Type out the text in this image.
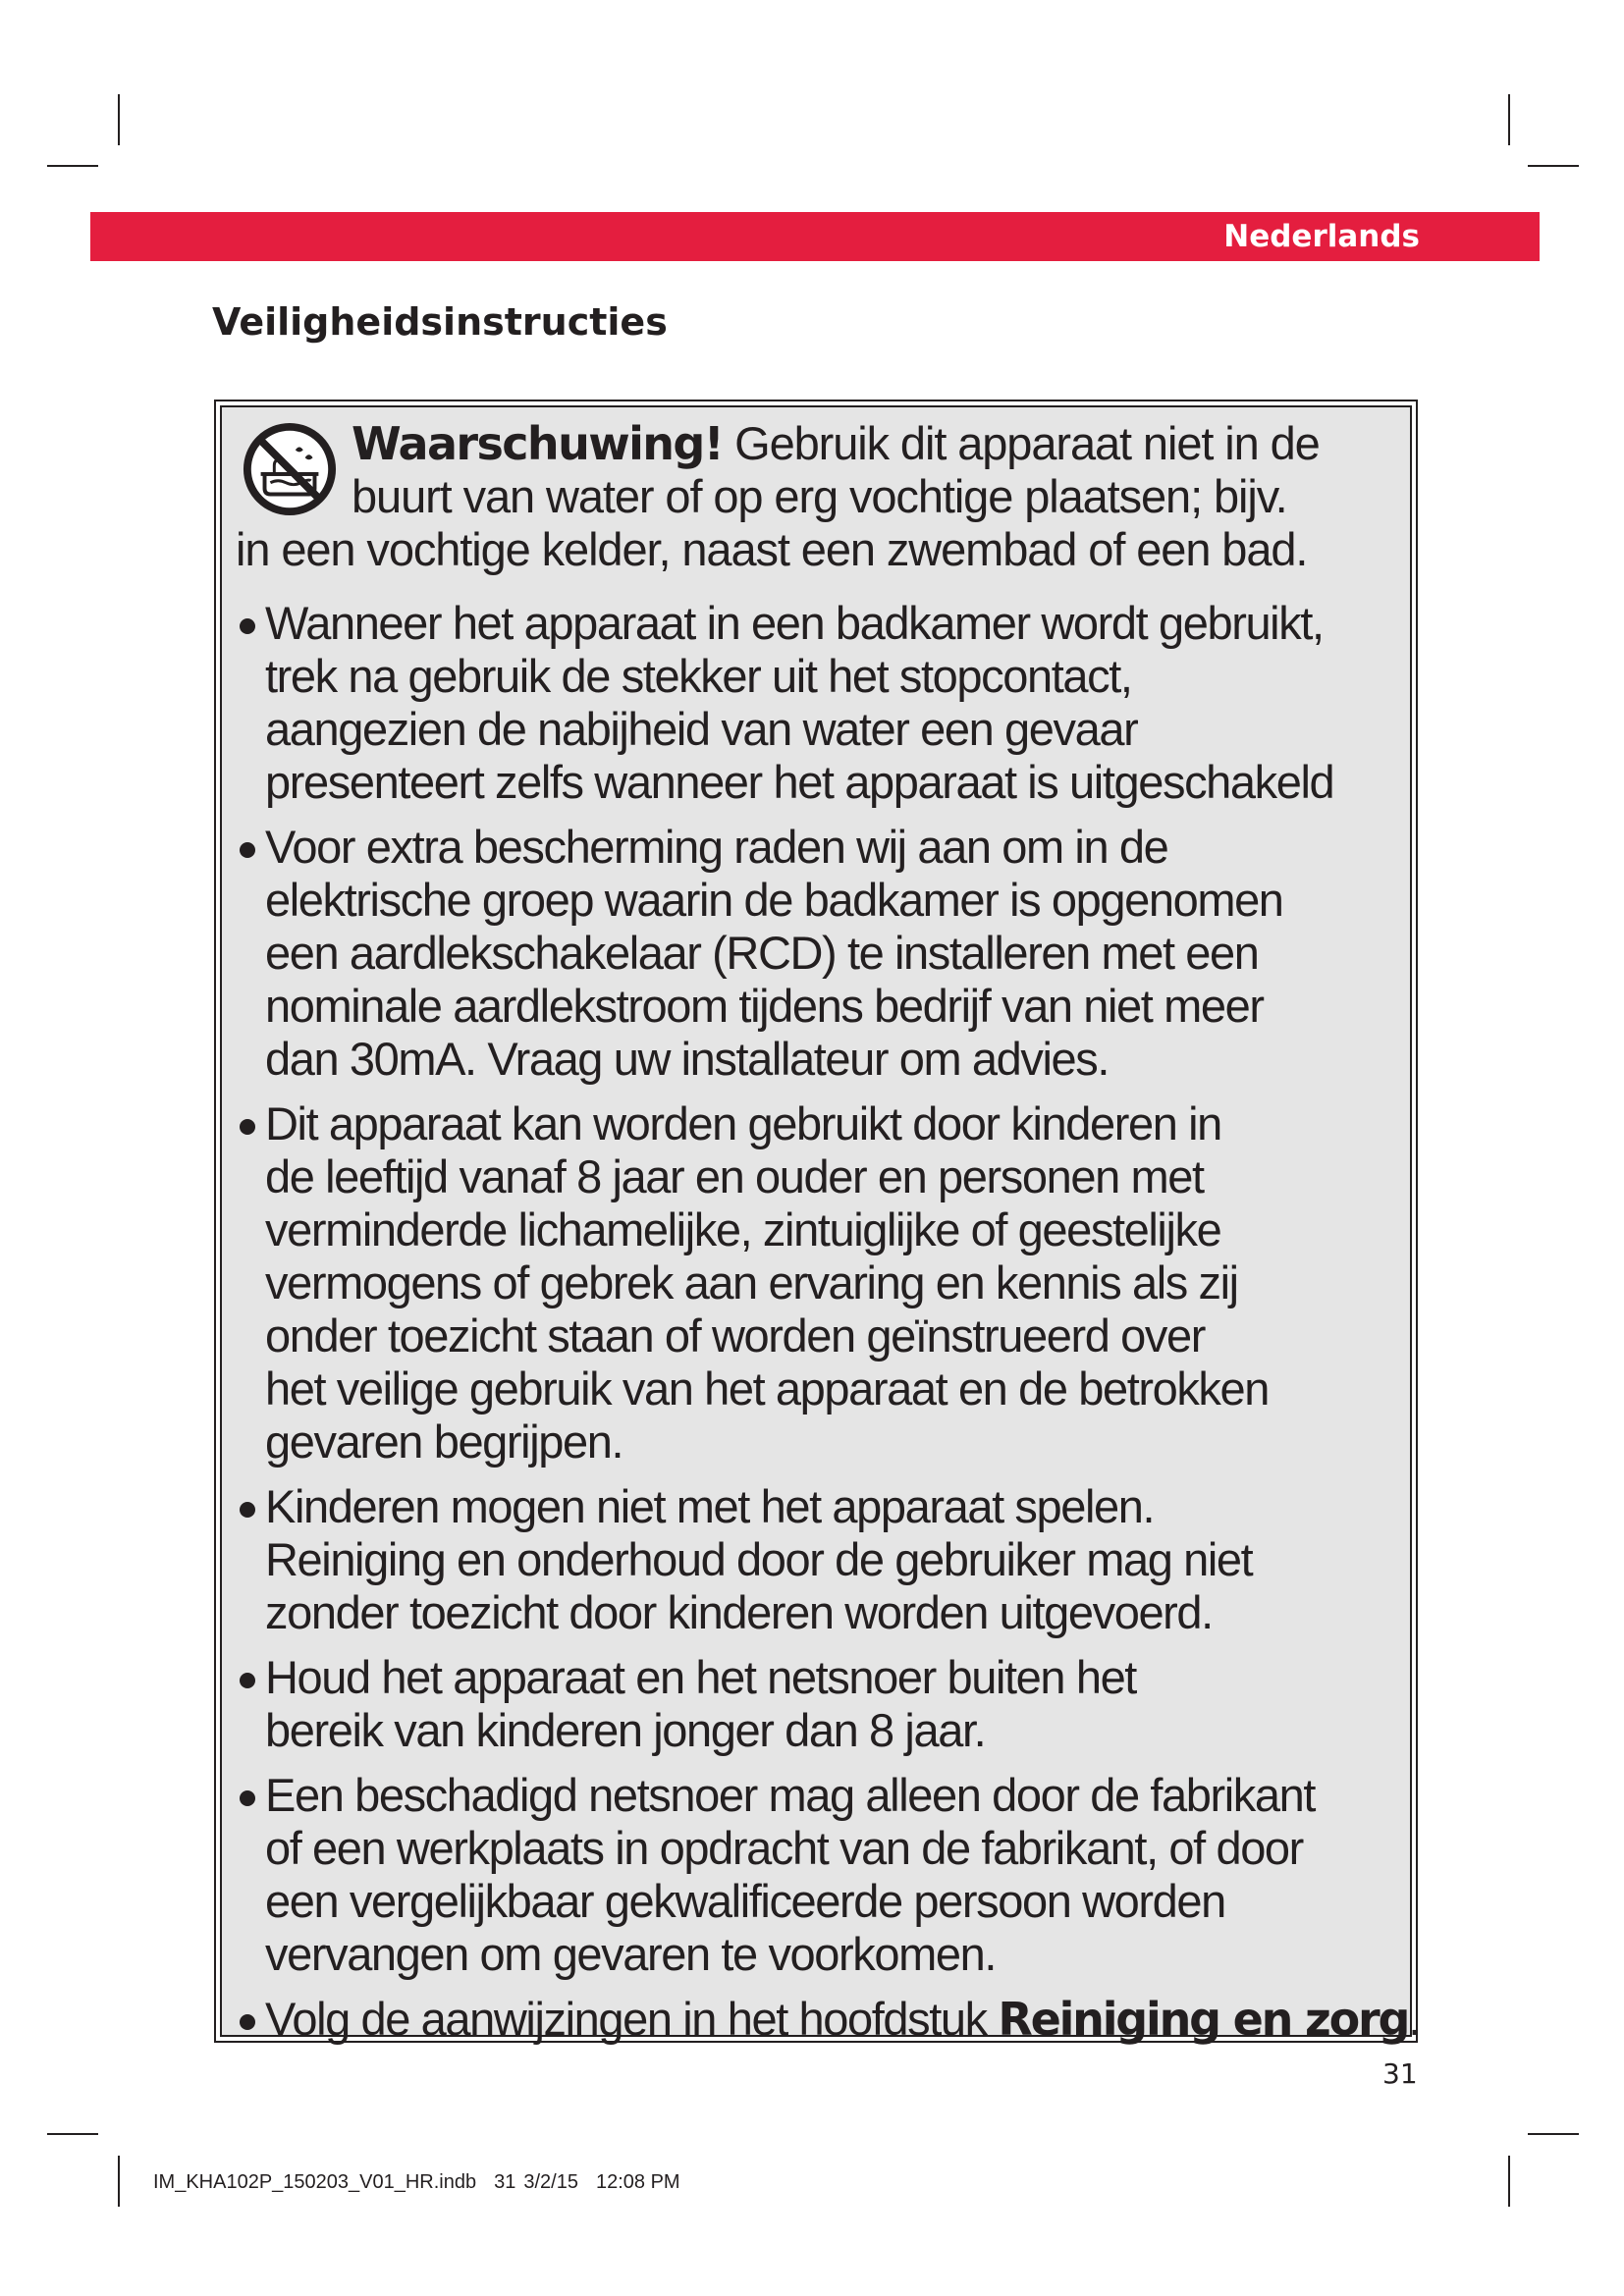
Nederlands
Veiligheidsinstructies
Waarschuwing! Gebruik dit apparaat niet in de
buurt van water of op erg vochtige plaatsen; bijv.
in een vochtige kelder, naast een zwembad of een bad.
Wanneer het apparaat in een badkamer wordt gebruikt,
trek na gebruik de stekker uit het stopcontact,
aangezien de nabijheid van water een gevaar
presenteert zelfs wanneer het apparaat is uitgeschakeld
Voor extra bescherming raden wij aan om in de
elektrische groep waarin de badkamer is opgenomen
een aardlekschakelaar (RCD) te installeren met een
nominale aardlekstroom tijdens bedrijf van niet meer
dan 30mA. Vraag uw installateur om advies.
Dit apparaat kan worden gebruikt door kinderen in
de leeftijd vanaf 8 jaar en ouder en personen met
verminderde lichamelijke, zintuiglijke of geestelijke
vermogens of gebrek aan ervaring en kennis als zij
onder toezicht staan of worden geïnstrueerd over
het veilige gebruik van het apparaat en de betrokken
gevaren begrijpen.
Kinderen mogen niet met het apparaat spelen.
Reiniging en onderhoud door de gebruiker mag niet
zonder toezicht door kinderen worden uitgevoerd.
Houd het apparaat en het netsnoer buiten het
bereik van kinderen jonger dan 8 jaar.
Een beschadigd netsnoer mag alleen door de fabrikant
of een werkplaats in opdracht van de fabrikant, of door
een vergelijkbaar gekwalificeerde persoon worden
vervangen om gevaren te voorkomen.
Volg de aanwijzingen in het hoofdstuk Reiniging en zorg.
31
IM_KHA102P_150203_V01_HR.indb 31 3/2/15 12:08 PM
